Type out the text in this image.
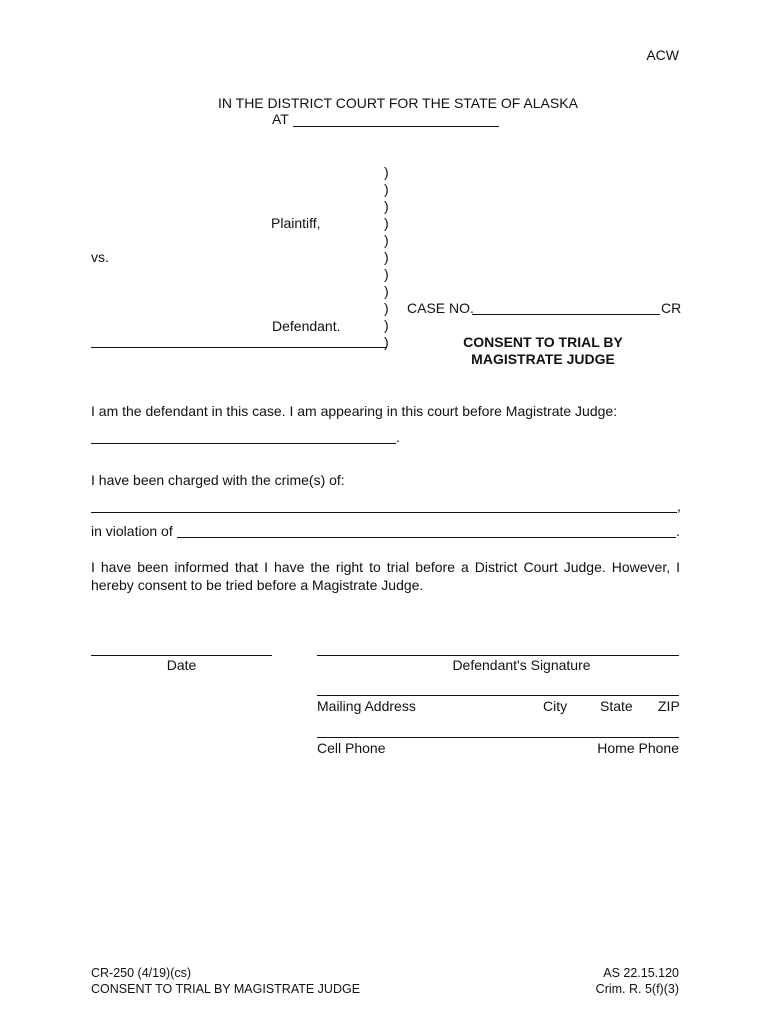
ACW
IN THE DISTRICT COURT FOR THE STATE OF ALASKA
AT
)
)
)
)
)
)
)
)
)
)
)
Plaintiff,
vs.
Defendant.
CASE NO.	CR
CONSENT TO TRIAL BY
MAGISTRATE JUDGE
I am the defendant in this case. I am appearing in this court before Magistrate Judge:
.
I have been charged with the crime(s) of:
,
in violation of	.
I have been informed that I have the right to trial before a District Court Judge. However, I hereby consent to be tried before a Magistrate Judge.
Date	Defendant's Signature
Mailing Address	City State ZIP
Cell Phone	Home Phone
CR-250 (4/19)(cs)
CONSENT TO TRIAL BY MAGISTRATE JUDGE
AS 22.15.120
Crim. R. 5(f)(3)
